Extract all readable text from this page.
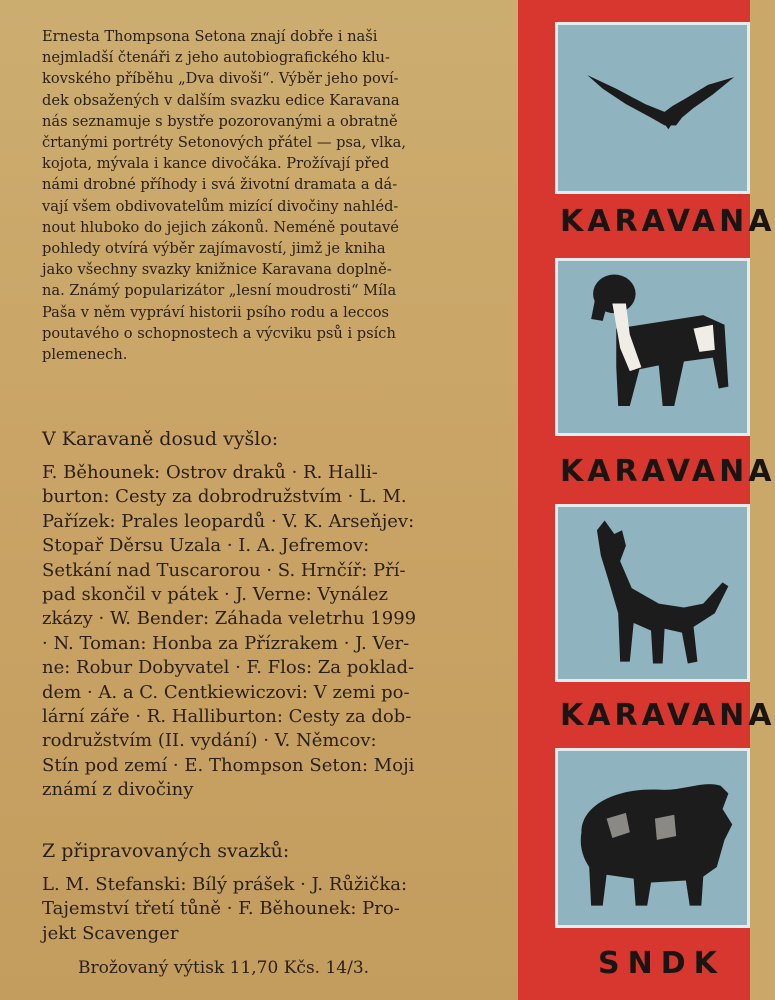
Ernesta Thompsona Setona znají dobře i naši

nejmladší čtenáři z jeho autobiografického klu-

kovského příběhu „Dva divoši“. Výběr jeho poví-

dek obsažených v dalším svazku edice Karavana

nás seznamuje s bystře pozorovanými a obratně

črtanými portréty Setonových přátel — psa, vlka,

kojota, mývala i kance divočáka. Prožívají před

námi drobné příhody i svá životní dramata a dá-

vají všem obdivovatelům mizící divočiny nahléd-

nout hluboko do jejich zákonů. Neméně poutavé

pohledy otvírá výběr zajímavostí, jimž je kniha

jako všechny svazky knižnice Karavana doplně-

na. Známý popularizátor „lesní moudrosti“ Míla

Paša v něm vypráví historii psího rodu a leccos

poutavého o schopnostech a výcviku psů i psích

plemenech.

V Karavaně dosud vyšlo:
F. Běhounek: Ostrov draků · R. Halli-
burton: Cesty za dobrodružstvím · L. M.
Pařízek: Prales leopardů · V. K. Arseňjev:
Stopař Děrsu Uzala · I. A. Jefremov:
Setkání nad Tuscarorou · S. Hrnčíř: Pří-
pad skončil v pátek · J. Verne: Vynález
zkázy · W. Bender: Záhada veletrhu 1999
· N. Toman: Honba za Přízrakem · J. Ver-
ne: Robur Dobyvatel · F. Flos: Za poklad-
dem · A. a C. Centkiewiczovi: V zemi po-
lární záře · R. Halliburton: Cesty za dob-
rodružstvím (II. vydání) · V. Němcov:
Stín pod zemí · E. Thompson Seton: Moji
známí z divočiny
Z připravovaných svazků:
L. M. Stefanski: Bílý prášek · J. Růžička:
Tajemství třetí tůně · F. Běhounek: Pro-
jekt Scavenger
Brožovaný výtisk 11,70 Kčs. 14/3.
KARAVANA
KARAVANA
KARAVANA
SNDK
